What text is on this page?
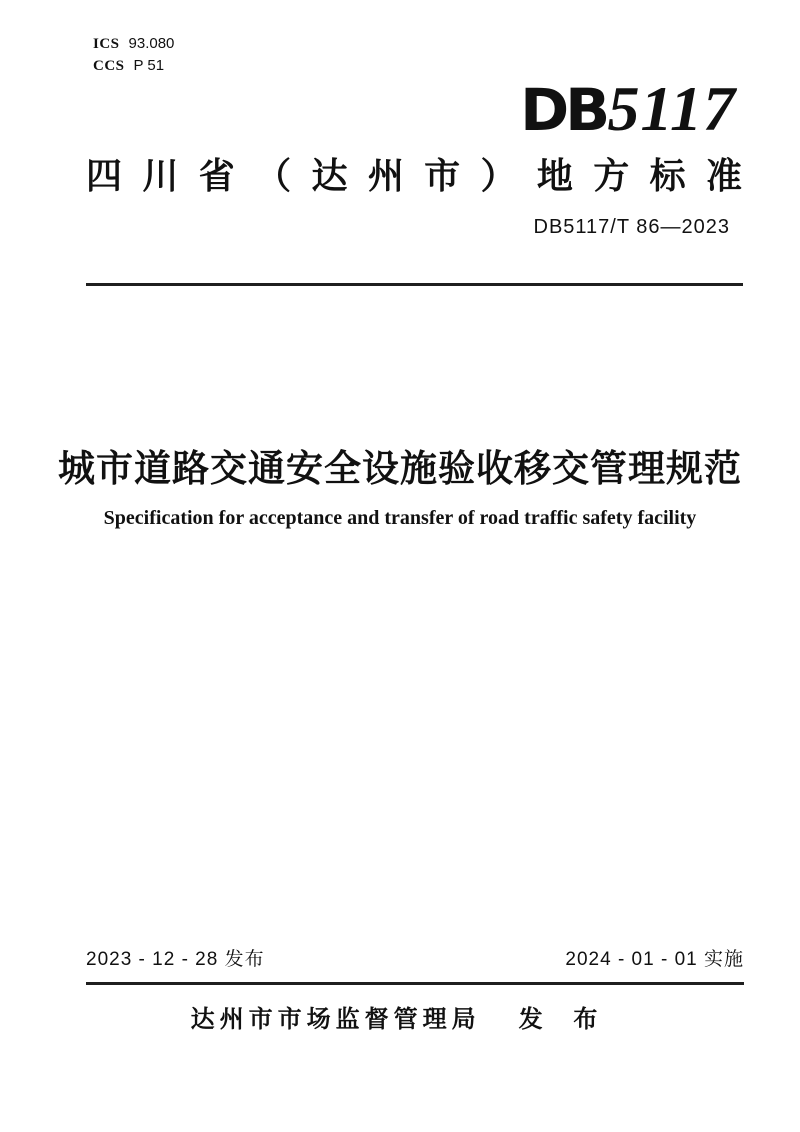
ICS 93.080
CCS P 51
DB5117
四 川 省 （ 达 州 市 ） 地 方 标 准
DB5117/T 86—2023
城市道路交通安全设施验收移交管理规范
Specification for acceptance and transfer of road traffic safety facility
2023 - 12 - 28 发布	2024 - 01 - 01 实施
达州市市场监督管理局 发 布
